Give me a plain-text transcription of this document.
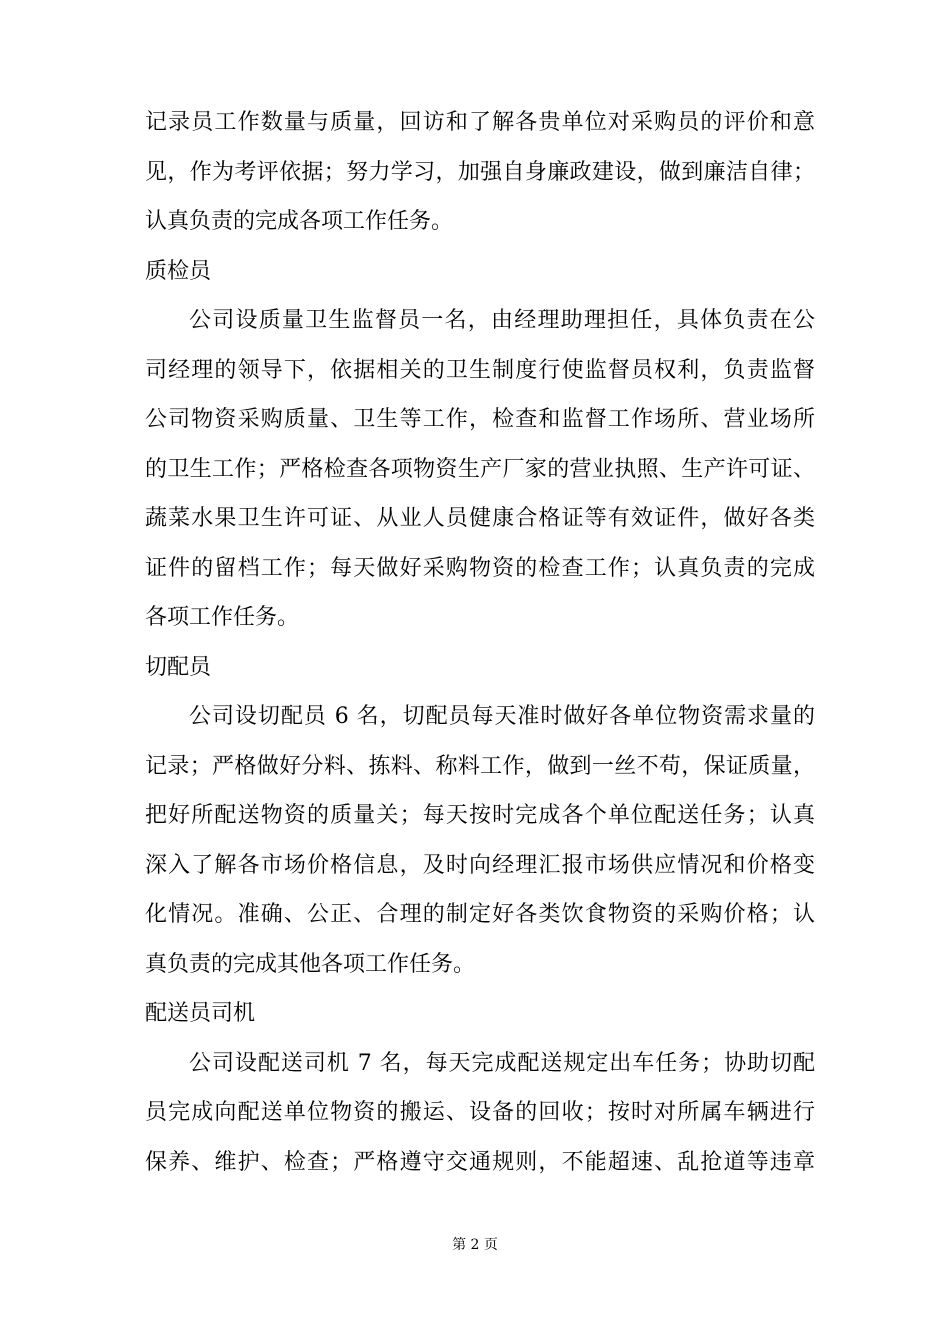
记录员工作数量与质量，回访和了解各贵单位对采购员的评价和意
见，作为考评依据；努力学习，加强自身廉政建设，做到廉洁自律；
认真负责的完成各项工作任务。
质检员
公司设质量卫生监督员一名，由经理助理担任，具体负责在公
司经理的领导下，依据相关的卫生制度行使监督员权利，负责监督
公司物资采购质量、卫生等工作，检查和监督工作场所、营业场所
的卫生工作；严格检查各项物资生产厂家的营业执照、生产许可证、
蔬菜水果卫生许可证、从业人员健康合格证等有效证件，做好各类
证件的留档工作；每天做好采购物资的检查工作；认真负责的完成
各项工作任务。
切配员
公司设切配员 6 名，切配员每天准时做好各单位物资需求量的
记录；严格做好分料、拣料、称料工作，做到一丝不苟，保证质量，
把好所配送物资的质量关；每天按时完成各个单位配送任务；认真
深入了解各市场价格信息，及时向经理汇报市场供应情况和价格变
化情况。准确、公正、合理的制定好各类饮食物资的采购价格；认
真负责的完成其他各项工作任务。
配送员司机
公司设配送司机 7 名，每天完成配送规定出车任务；协助切配
员完成向配送单位物资的搬运、设备的回收；按时对所属车辆进行
保养、维护、检查；严格遵守交通规则，不能超速、乱抢道等违章
第 2 页
